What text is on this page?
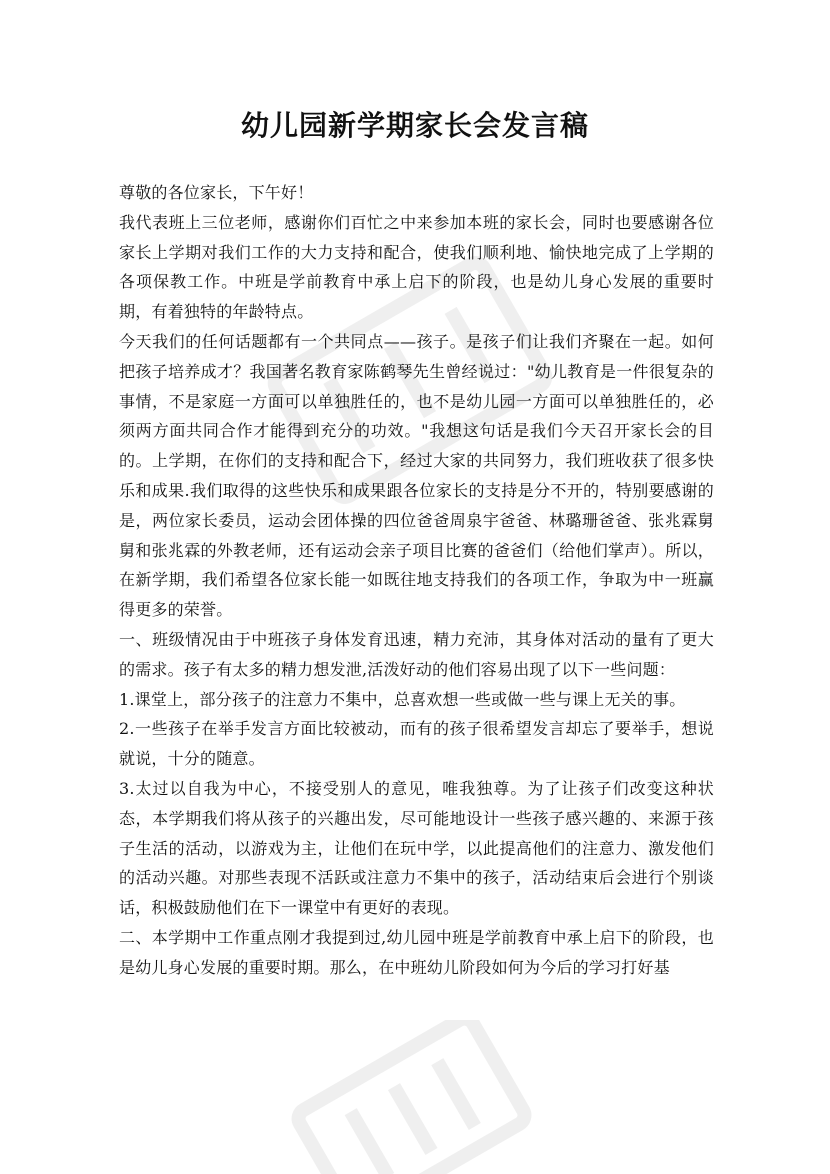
幼儿园新学期家长会发言稿

尊敬的各位家长，下午好！

我代表班上三位老师，感谢你们百忙之中来参加本班的家长会，同时也要感谢各位家长上学期对我们工作的大力支持和配合，使我们顺利地、愉快地完成了上学期的各项保教工作。中班是学前教育中承上启下的阶段，也是幼儿身心发展的重要时期，有着独特的年龄特点。

今天我们的任何话题都有一个共同点——孩子。是孩子们让我们齐聚在一起。如何把孩子培养成才？我国著名教育家陈鹤琴先生曾经说过："幼儿教育是一件很复杂的事情，不是家庭一方面可以单独胜任的，也不是幼儿园一方面可以单独胜任的，必须两方面共同合作才能得到充分的功效。"我想这句话是我们今天召开家长会的目的。上学期，在你们的支持和配合下，经过大家的共同努力，我们班收获了很多快乐和成果.我们取得的这些快乐和成果跟各位家长的支持是分不开的，特别要感谢的是，两位家长委员，运动会团体操的四位爸爸周泉宇爸爸、林璐珊爸爸、张兆霖舅舅和张兆霖的外教老师，还有运动会亲子项目比赛的爸爸们（给他们掌声）。所以，在新学期，我们希望各位家长能一如既往地支持我们的各项工作，争取为中一班赢得更多的荣誉。

一、班级情况由于中班孩子身体发育迅速，精力充沛，其身体对活动的量有了更大的需求。孩子有太多的精力想发泄,活泼好动的他们容易出现了以下一些问题：

1.课堂上，部分孩子的注意力不集中，总喜欢想一些或做一些与课上无关的事。

2.一些孩子在举手发言方面比较被动，而有的孩子很希望发言却忘了要举手，想说就说，十分的随意。

3.太过以自我为中心，不接受别人的意见，唯我独尊。为了让孩子们改变这种状态，本学期我们将从孩子的兴趣出发，尽可能地设计一些孩子感兴趣的、来源于孩子生活的活动，以游戏为主，让他们在玩中学，以此提高他们的注意力、激发他们的活动兴趣。对那些表现不活跃或注意力不集中的孩子，活动结束后会进行个别谈话，积极鼓励他们在下一课堂中有更好的表现。

二、本学期中工作重点刚才我提到过,幼儿园中班是学前教育中承上启下的阶段，也是幼儿身心发展的重要时期。那么，在中班幼儿阶段如何为今后的学习打好基
